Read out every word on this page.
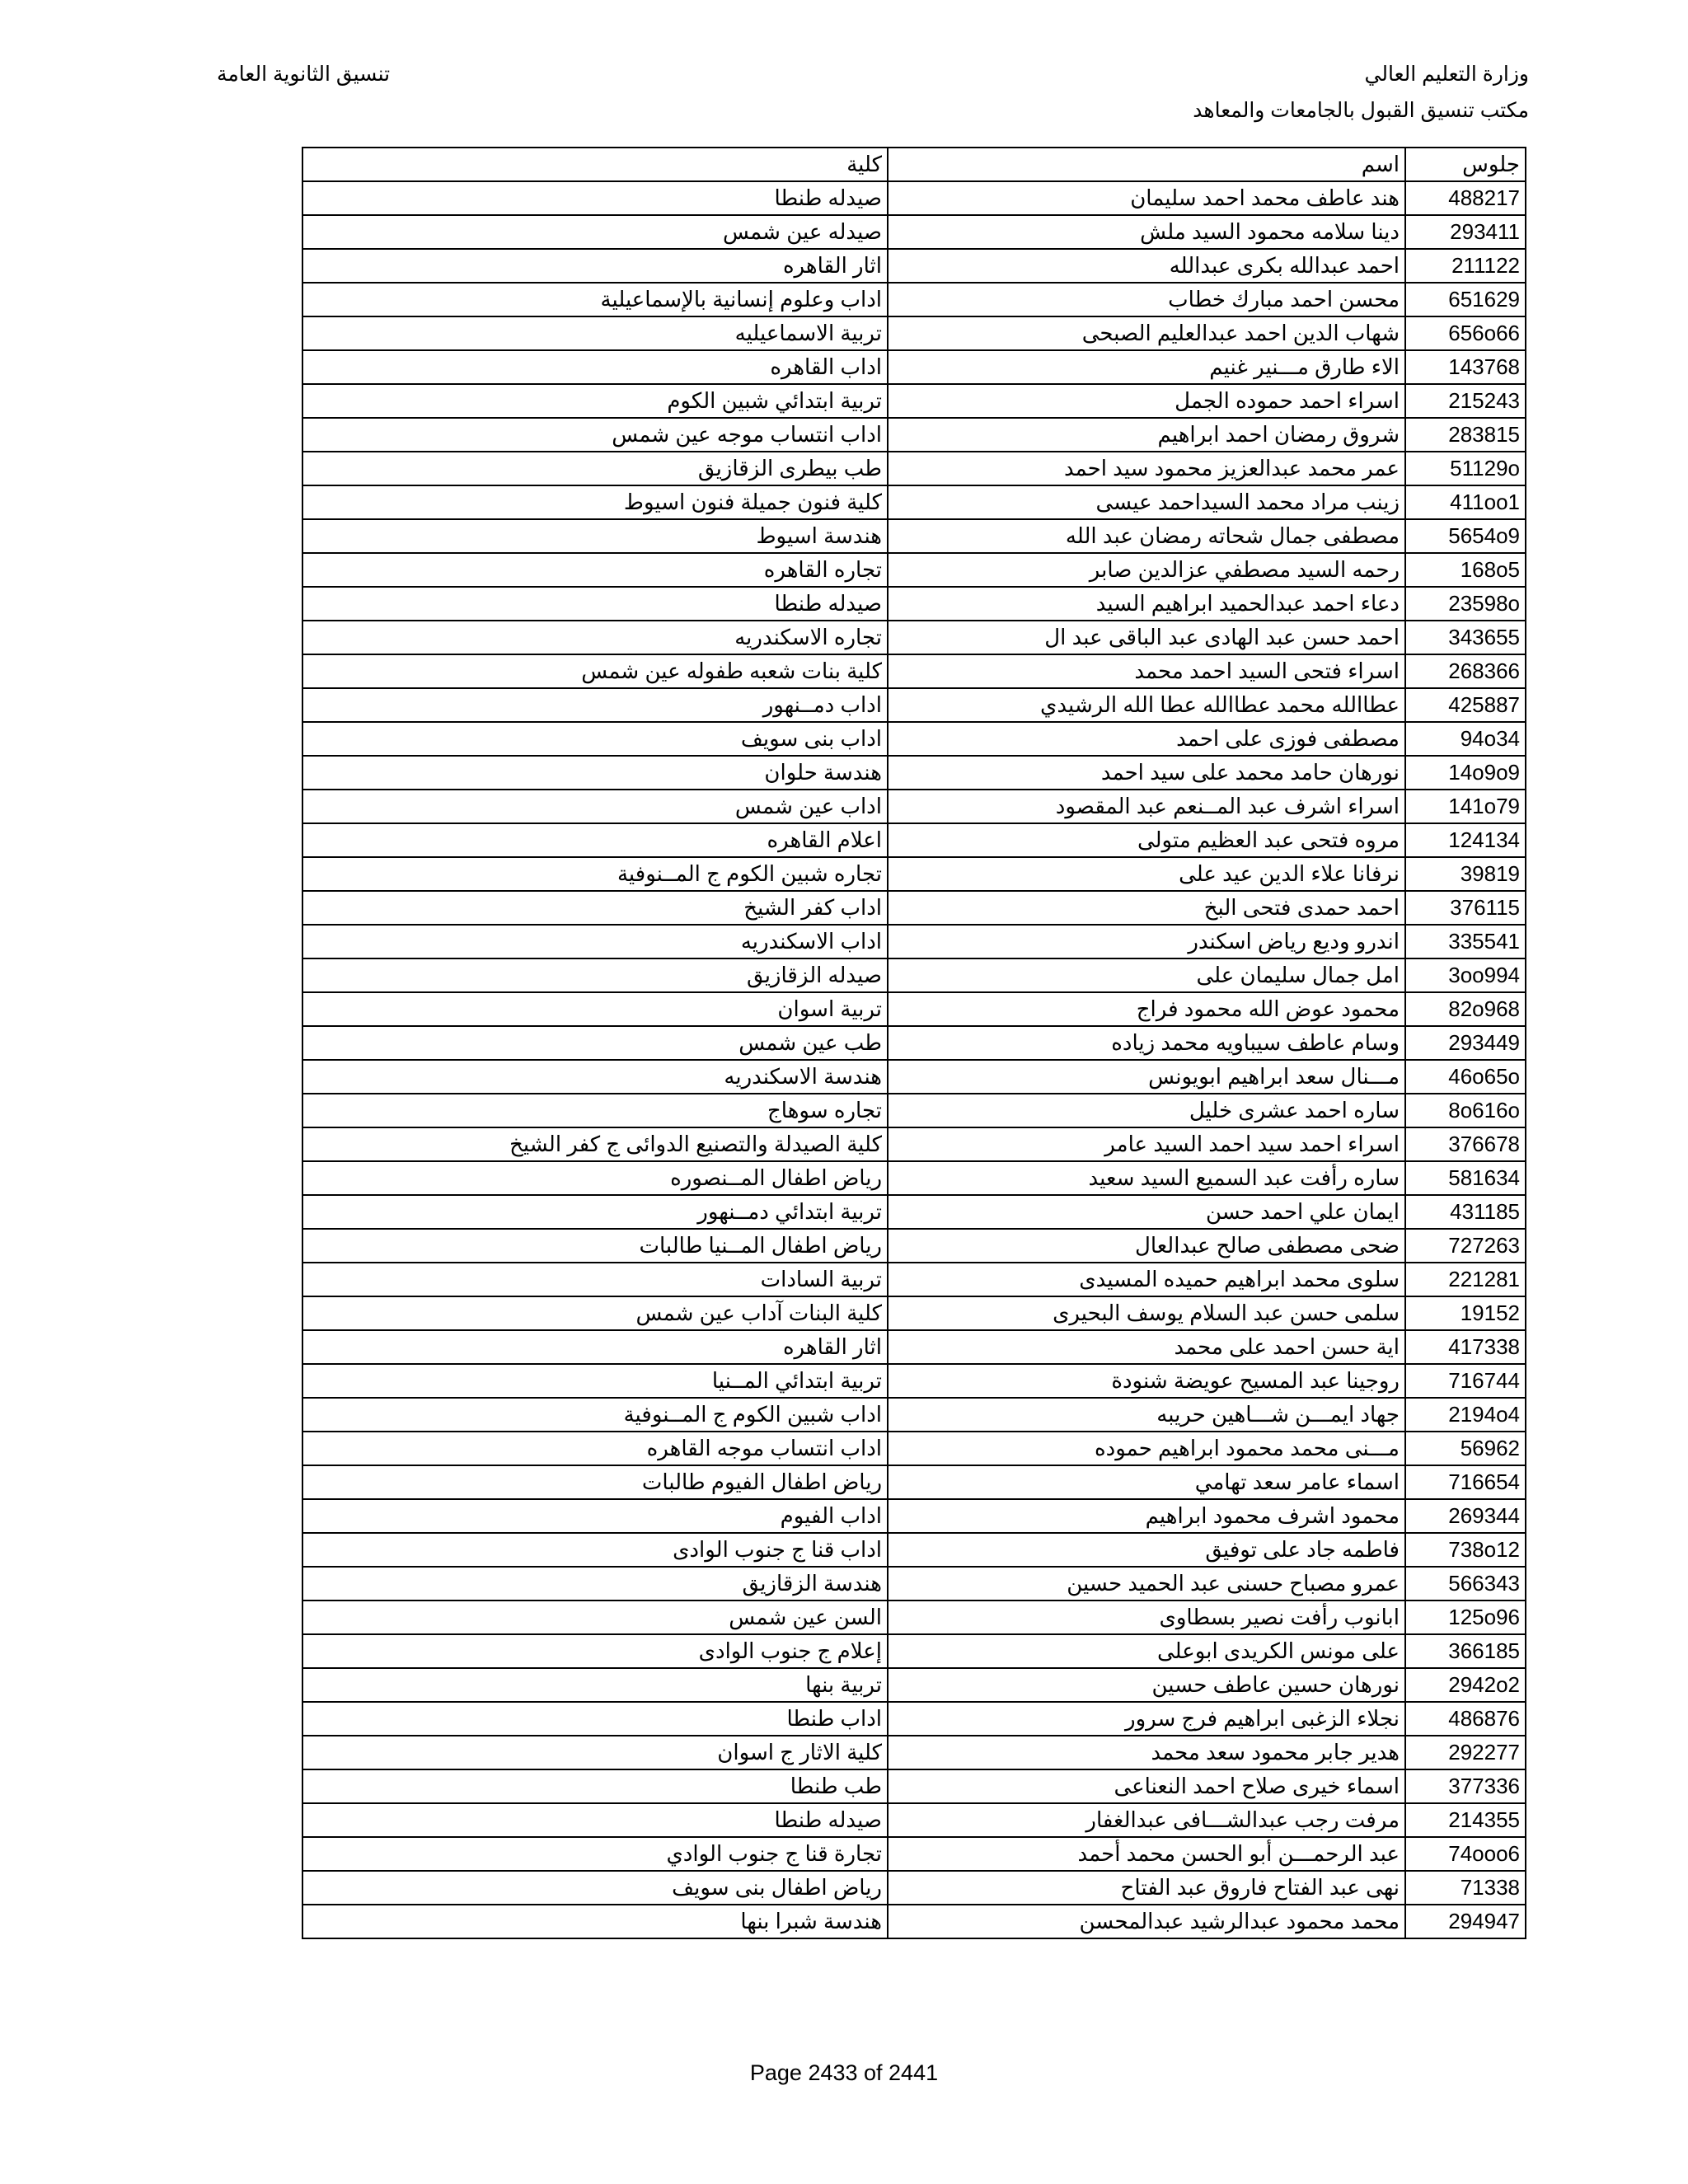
وزارة التعليم العالي
مكتب تنسيق القبول بالجامعات والمعاهد
تنسيق الثانوية العامة
جلوس	اسم	كلية
488217	هند عاطف محمد احمد سليمان	صيدله طنطا
293411	دينا سلامه محمود السيد ملش	صيدله عين شمس
211122	احمد عبدالله بكرى عبدالله	اثار القاهره
651629	محسن احمد مبارك خطاب	اداب وعلوم إنسانية بالإسماعيلية
656o66	شهاب الدين احمد عبدالعليم الصبحى	تربية الاسماعيليه
143768	الاء طارق مـــنير غنيم	اداب القاهره
215243	اسراء احمد حموده الجمل	تربية ابتدائي شبين الكوم
283815	شروق رمضان احمد ابراهيم	اداب انتساب موجه عين شمس
51129o	عمر محمد عبدالعزيز محمود سيد احمد	طب بيطرى الزقازيق
411oo1	زينب مراد محمد السيداحمد عيسى	كلية فنون جميلة فنون اسيوط
5654o9	مصطفى جمال شحاته رمضان عبد الله	هندسة اسيوط
168o5	رحمه السيد مصطفي عزالدين صابر	تجاره القاهره
23598o	دعاء احمد عبدالحميد ابراهيم السيد	صيدله طنطا
343655	احمد حسن عبد الهادى عبد الباقى عبد ال	تجاره الاسكندريه
268366	اسراء فتحى السيد احمد محمد	كلية بنات شعبه طفوله عين شمس
425887	عطاالله محمد عطاالله عطا الله الرشيدي	اداب دمــنهور
94o34	مصطفى فوزى على احمد	اداب بنى سويف
14o9o9	نورهان حامد محمد على سيد احمد	هندسة حلوان
141o79	اسراء اشرف عبد المــنعم عبد المقصود	اداب عين شمس
124134	مروه فتحى عبد العظيم متولى	اعلام القاهره
39819	نرفانا علاء الدين عيد على	تجاره شبين الكوم ج المــنوفية
376115	احمد حمدى فتحى البخ	اداب كفر الشيخ
335541	اندرو وديع رياض اسكندر	اداب الاسكندريه
3oo994	امل جمال سليمان على	صيدله الزقازيق
82o968	محمود عوض الله محمود فراج	تربية اسوان
293449	وسام عاطف سيباويه محمد زياده	طب عين شمس
46o65o	مـــنال سعد ابراهيم ابويونس	هندسة الاسكندريه
8o616o	ساره احمد عشرى خليل	تجاره سوهاج
376678	اسراء احمد سيد احمد السيد عامر	كلية الصيدلة والتصنيع الدوائى ج كفر الشيخ
581634	ساره رأفت عبد السميع السيد سعيد	رياض اطفال المــنصوره
431185	ايمان علي احمد حسن	تربية ابتدائي دمــنهور
727263	ضحى مصطفى صالح عبدالعال	رياض اطفال المــنيا طالبات
221281	سلوى محمد ابراهيم حميده المسيدى	تربية السادات
19152	سلمى حسن عبد السلام يوسف البحيرى	كلية البنات آداب عين شمس
417338	اية حسن احمد على محمد	اثار القاهره
716744	روجينا عبد المسيح عويضة شنودة	تربية ابتدائي المــنيا
2194o4	جهاد ايمـــن شـــاهين حريبه	اداب شبين الكوم ج المــنوفية
56962	مـــنى محمد محمود ابراهيم حموده	اداب انتساب موجه القاهره
716654	اسماء عامر سعد تهامي	رياض اطفال الفيوم طالبات
269344	محمود اشرف محمود ابراهيم	اداب الفيوم
738o12	فاطمه جاد على توفيق	اداب قنا ج جنوب الوادى
566343	عمرو مصباح حسنى عبد الحميد حسين	هندسة الزقازيق
125o96	ابانوب رأفت نصير بسطاوى	السن عين شمس
366185	على مونس الكريدى ابوعلى	إعلام ج جنوب الوادى
2942o2	نورهان حسين عاطف حسين	تربية بنها
486876	نجلاء الزغبى ابراهيم فرج سرور	اداب طنطا
292277	هدير جابر محمود سعد محمد	كلية الاثار ج اسوان
377336	اسماء خيرى صلاح احمد النعناعى	طب طنطا
214355	مرفت رجب عبدالشـــافى عبدالغفار	صيدله طنطا
74ooo6	عبد الرحمـــن أبو الحسن محمد أحمد	تجارة قنا ج جنوب الوادي
71338	نهى عبد الفتاح فاروق عبد الفتاح	رياض اطفال بنى سويف
294947	محمد محمود عبدالرشيد عبدالمحسن	هندسة شبرا بنها
Page 2433 of 2441
